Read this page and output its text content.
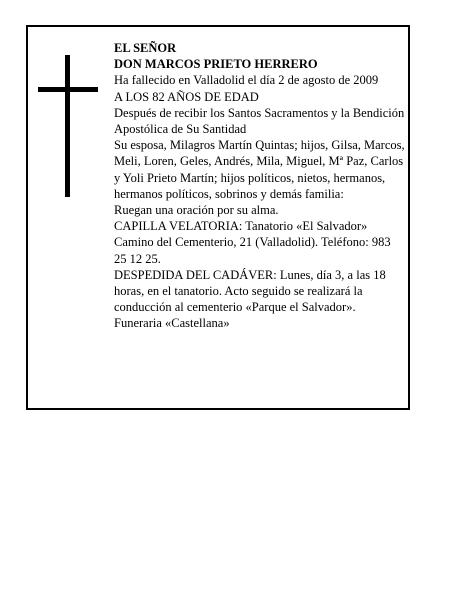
EL SEÑOR

DON MARCOS PRIETO HERRERO

Ha fallecido en Valladolid el día 2 de agosto de 2009

A LOS 82 AÑOS DE EDAD

Después de recibir los Santos Sacramentos y la Bendición Apostólica de Su Santidad

Su esposa, Milagros Martín Quintas; hijos, Gilsa, Marcos, Meli, Loren, Geles, Andrés, Mila, Miguel, Mª Paz, Carlos y Yoli Prieto Martín; hijos políticos, nietos, hermanos, hermanos políticos, sobrinos y demás familia:

Ruegan una oración por su alma.

CAPILLA VELATORIA: Tanatorio «El Salvador» Camino del Cementerio, 21 (Valladolid). Teléfono: 983 25 12 25.

DESPEDIDA DEL CADÁVER: Lunes, día 3, a las 18 horas, en el tanatorio. Acto seguido se realizará la conducción al cementerio «Parque el Salvador».

Funeraria «Castellana»
